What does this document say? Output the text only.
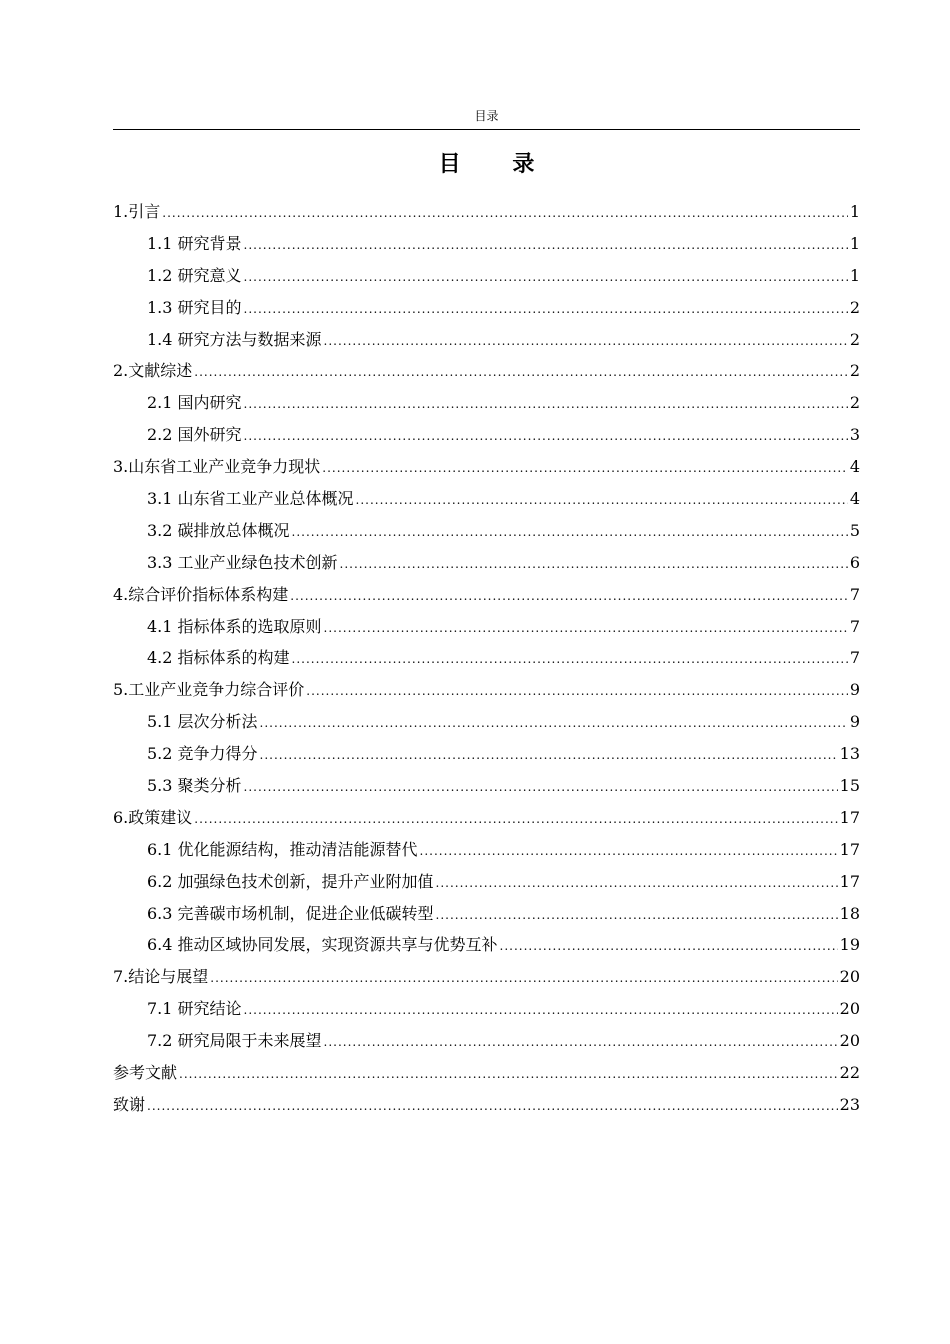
目录
目 录
1.引言 .....	1
1.1 研究背景 .....	1
1.2 研究意义 .....	1
1.3 研究目的 .....	2
1.4 研究方法与数据来源 .....	2
2.文献综述 .....	2
2.1 国内研究 .....	2
2.2 国外研究 .....	3
3.山东省工业产业竞争力现状 .....	4
3.1 山东省工业产业总体概况 .....	4
3.2 碳排放总体概况 .....	5
3.3 工业产业绿色技术创新 .....	6
4.综合评价指标体系构建 .....	7
4.1 指标体系的选取原则 .....	7
4.2 指标体系的构建 .....	7
5.工业产业竞争力综合评价 .....	9
5.1 层次分析法 .....	9
5.2 竞争力得分 .....	13
5.3 聚类分析 .....	15
6.政策建议 .....	17
6.1 优化能源结构，推动清洁能源替代 .....	17
6.2 加强绿色技术创新，提升产业附加值 .....	17
6.3 完善碳市场机制，促进企业低碳转型 .....	18
6.4 推动区域协同发展，实现资源共享与优势互补 .....	19
7.结论与展望 .....	20
7.1 研究结论 .....	20
7.2 研究局限于未来展望 .....	20
参考文献 .....	22
致谢 .....	23
